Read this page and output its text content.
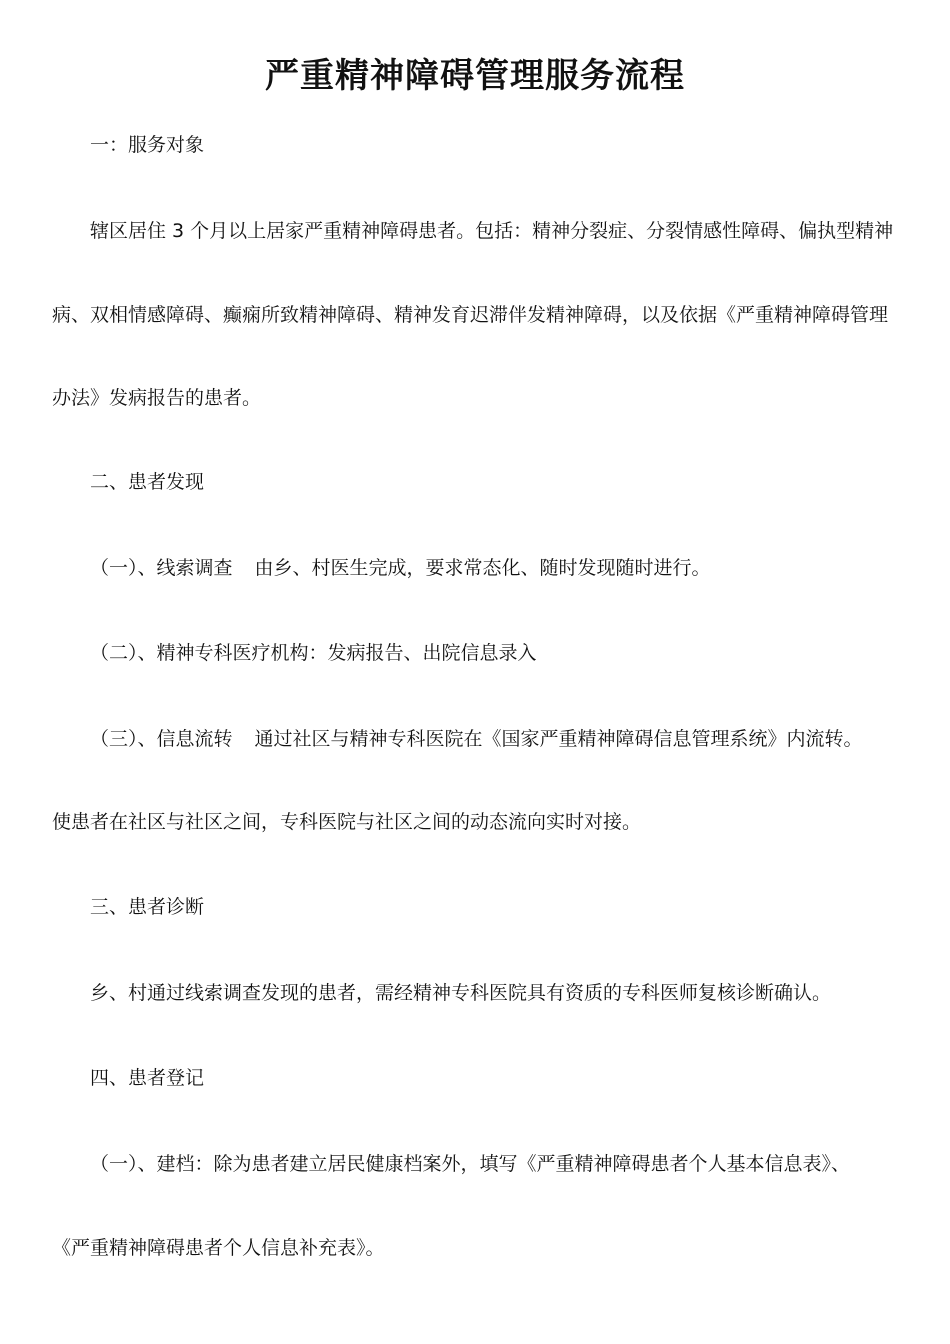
严重精神障碍管理服务流程
一：服务对象
辖区居住 3 个月以上居家严重精神障碍患者。包括：精神分裂症、分裂情感性障碍、偏执型精神
病、双相情感障碍、癫痫所致精神障碍、精神发育迟滞伴发精神障碍，以及依据《严重精神障碍管理
办法》发病报告的患者。
二、患者发现
（一）、线索调查 由乡、村医生完成，要求常态化、随时发现随时进行。
（二）、精神专科医疗机构：发病报告、出院信息录入
（三）、信息流转 通过社区与精神专科医院在《国家严重精神障碍信息管理系统》内流转。
使患者在社区与社区之间，专科医院与社区之间的动态流向实时对接。
三、患者诊断
乡、村通过线索调查发现的患者，需经精神专科医院具有资质的专科医师复核诊断确认。
四、患者登记
（一）、建档：除为患者建立居民健康档案外，填写《严重精神障碍患者个人基本信息表》、
《严重精神障碍患者个人信息补充表》。
